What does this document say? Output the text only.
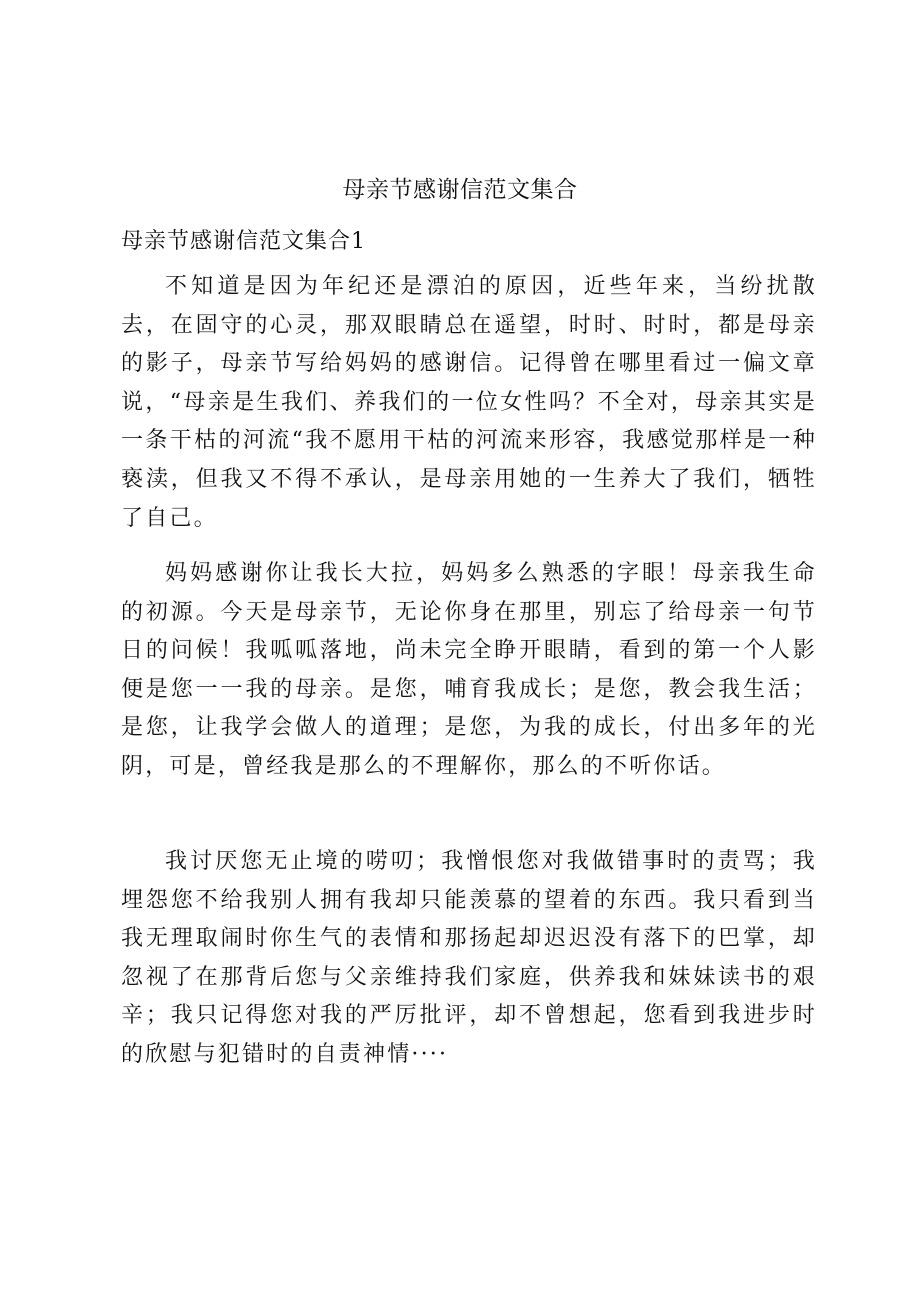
母亲节感谢信范文集合
母亲节感谢信范文集合1

不知道是因为年纪还是漂泊的原因，近些年来，当纷扰散去，在固守的心灵，那双眼睛总在遥望，时时、时时，都是母亲的影子，母亲节写给妈妈的感谢信。记得曾在哪里看过一偏文章说，“母亲是生我们、养我们的一位女性吗？不全对，母亲其实是一条干枯的河流“我不愿用干枯的河流来形容，我感觉那样是一种亵渎，但我又不得不承认，是母亲用她的一生养大了我们，牺牲了自己。

妈妈感谢你让我长大拉，妈妈多么熟悉的字眼！母亲我生命的初源。今天是母亲节，无论你身在那里，别忘了给母亲一句节日的问候！我呱呱落地，尚未完全睁开眼睛，看到的第一个人影便是您一一我的母亲。是您，哺育我成长；是您，教会我生活；是您，让我学会做人的道理；是您，为我的成长，付出多年的光阴，可是，曾经我是那么的不理解你，那么的不听你话。

我讨厌您无止境的唠叨；我憎恨您对我做错事时的责骂；我埋怨您不给我别人拥有我却只能羡慕的望着的东西。我只看到当我无理取闹时你生气的表情和那扬起却迟迟没有落下的巴掌，却忽视了在那背后您与父亲维持我们家庭，供养我和妹妹读书的艰辛；我只记得您对我的严厉批评，却不曾想起，您看到我进步时的欣慰与犯错时的自责神情····
